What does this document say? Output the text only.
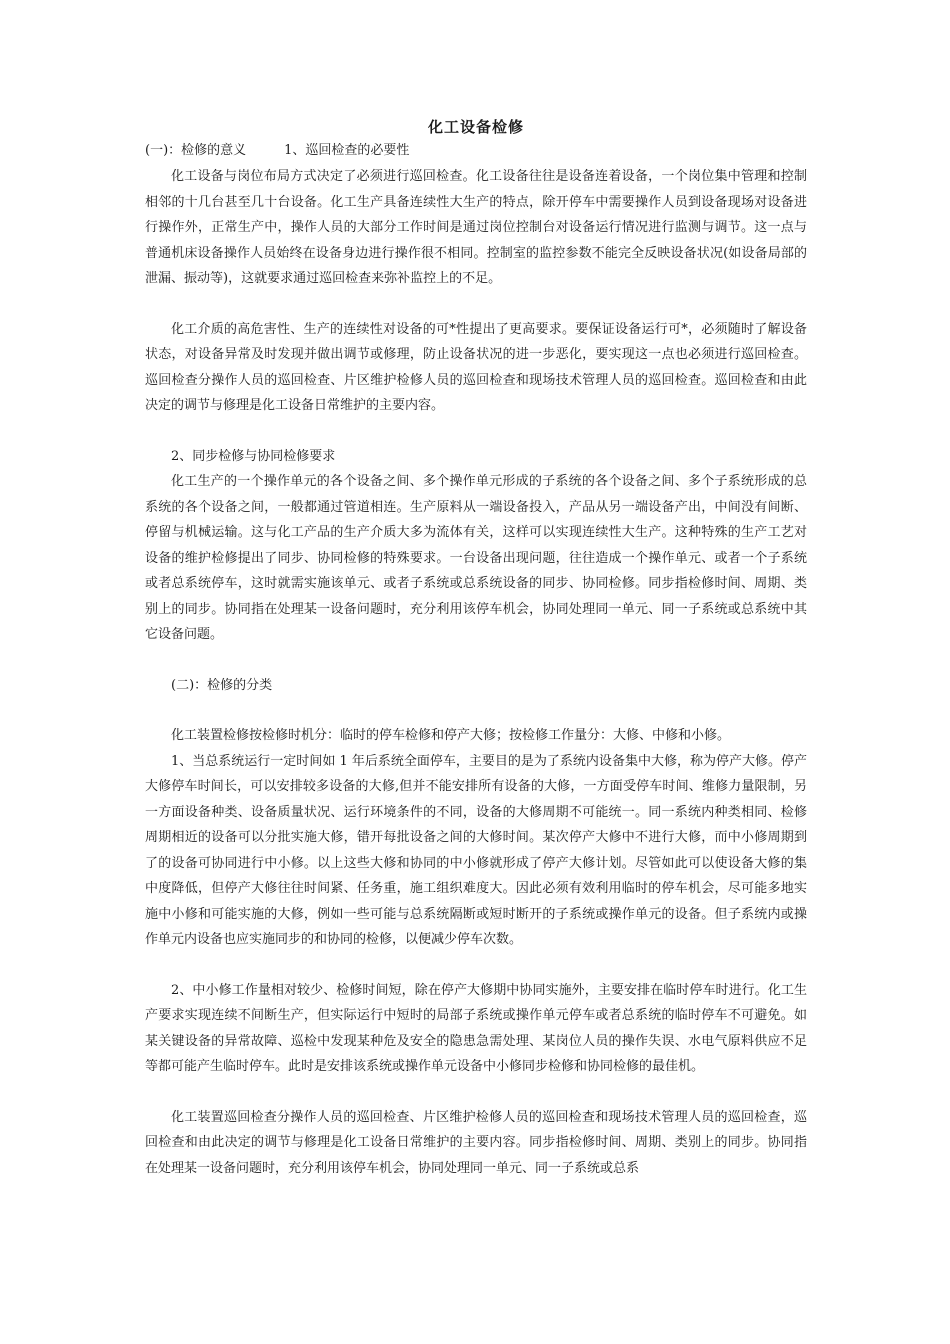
化工设备检修

(一)：检修的意义	1、巡回检查的必要性

化工设备与岗位布局方式决定了必须进行巡回检查。化工设备往往是设备连着设备，一个岗位集中管理和控制相邻的十几台甚至几十台设备。化工生产具备连续性大生产的特点，除开停车中需要操作人员到设备现场对设备进行操作外，正常生产中，操作人员的大部分工作时间是通过岗位控制台对设备运行情况进行监测与调节。这一点与普通机床设备操作人员始终在设备身边进行操作很不相同。控制室的监控参数不能完全反映设备状况(如设备局部的泄漏、振动等)，这就要求通过巡回检查来弥补监控上的不足。

化工介质的高危害性、生产的连续性对设备的可*性提出了更高要求。要保证设备运行可*，必须随时了解设备状态，对设备异常及时发现并做出调节或修理，防止设备状况的进一步恶化，要实现这一点也必须进行巡回检查。巡回检查分操作人员的巡回检查、片区维护检修人员的巡回检查和现场技术管理人员的巡回检查。巡回检查和由此决定的调节与修理是化工设备日常维护的主要内容。

2、同步检修与协同检修要求

化工生产的一个操作单元的各个设备之间、多个操作单元形成的子系统的各个设备之间、多个子系统形成的总系统的各个设备之间，一般都通过管道相连。生产原料从一端设备投入，产品从另一端设备产出，中间没有间断、停留与机械运输。这与化工产品的生产介质大多为流体有关，这样可以实现连续性大生产。这种特殊的生产工艺对设备的维护检修提出了同步、协同检修的特殊要求。一台设备出现问题，往往造成一个操作单元、或者一个子系统或者总系统停车，这时就需实施该单元、或者子系统或总系统设备的同步、协同检修。同步指检修时间、周期、类别上的同步。协同指在处理某一设备问题时，充分利用该停车机会，协同处理同一单元、同一子系统或总系统中其它设备问题。

(二)：检修的分类

化工装置检修按检修时机分：临时的停车检修和停产大修；按检修工作量分：大修、中修和小修。

1、当总系统运行一定时间如 1 年后系统全面停车，主要目的是为了系统内设备集中大修，称为停产大修。停产大修停车时间长，可以安排较多设备的大修,但并不能安排所有设备的大修，一方面受停车时间、维修力量限制，另一方面设备种类、设备质量状况、运行环境条件的不同，设备的大修周期不可能统一。同一系统内种类相同、检修周期相近的设备可以分批实施大修，错开每批设备之间的大修时间。某次停产大修中不进行大修，而中小修周期到了的设备可协同进行中小修。以上这些大修和协同的中小修就形成了停产大修计划。尽管如此可以使设备大修的集中度降低，但停产大修往往时间紧、任务重，施工组织难度大。因此必须有效利用临时的停车机会，尽可能多地实施中小修和可能实施的大修，例如一些可能与总系统隔断或短时断开的子系统或操作单元的设备。但子系统内或操作单元内设备也应实施同步的和协同的检修，以便减少停车次数。

2、中小修工作量相对较少、检修时间短，除在停产大修期中协同实施外，主要安排在临时停车时进行。化工生产要求实现连续不间断生产，但实际运行中短时的局部子系统或操作单元停车或者总系统的临时停车不可避免。如某关键设备的异常故障、巡检中发现某种危及安全的隐患急需处理、某岗位人员的操作失误、水电气原料供应不足等都可能产生临时停车。此时是安排该系统或操作单元设备中小修同步检修和协同检修的最佳机。

化工装置巡回检查分操作人员的巡回检查、片区维护检修人员的巡回检查和现场技术管理人员的巡回检查，巡回检查和由此决定的调节与修理是化工设备日常维护的主要内容。同步指检修时间、周期、类别上的同步。协同指在处理某一设备问题时，充分利用该停车机会，协同处理同一单元、同一子系统或总系
